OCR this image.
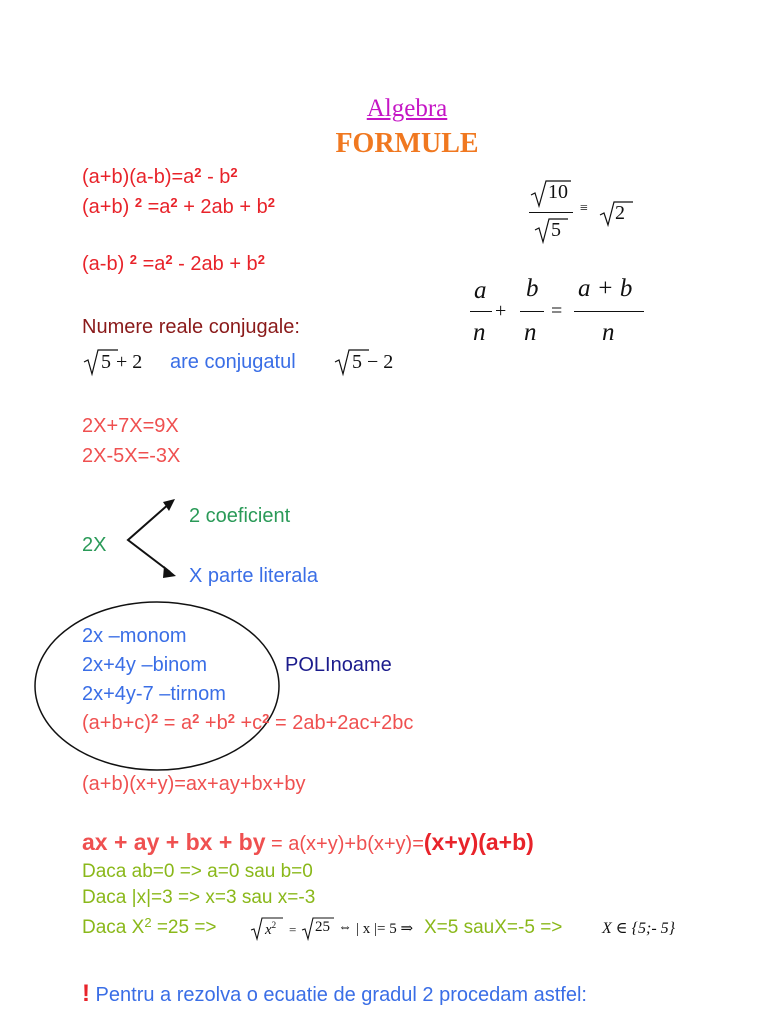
Algebra
FORMULE
$(a+b)(a-b)=a^2 - b^2$
(a+b) $^2 =a^2 + 2ab + b^2$
(a-b) $^2 =a^2 - 2ab + b^2$
10
5
≡ 2
a
n
+
b
n
=
a + b
n
Numere reale conjugale:
5 + 2 are conjugatul	5 − 2
2X+7X=9X
2X-5X=-3X
2X
2 coeficient
X parte literala
2x –monom
2x+4y –binom	POLInoame
2x+4y-7 –tirnom
$(a+b+c)^2 = a^2 +b^2 +c^2 = 2ab+2ac+2bc$
(a+b)(x+y)=ax+ay+bx+by
ax + ay + bx + by = a(x+y)+b(x+y)=(x+y)(a+b)
Daca ab=0 => a=0 sau b=0
Daca |x|=3 => x=3 sau x=-3
Daca $X^2 =25$ =>	$x^2 = 25$ ⇔ | x |= 5 ⇒ X=5 sauX=-5 => X ∈ {5;- 5}
! Pentru a rezolva o ecuatie de gradul 2 procedam astfel:
